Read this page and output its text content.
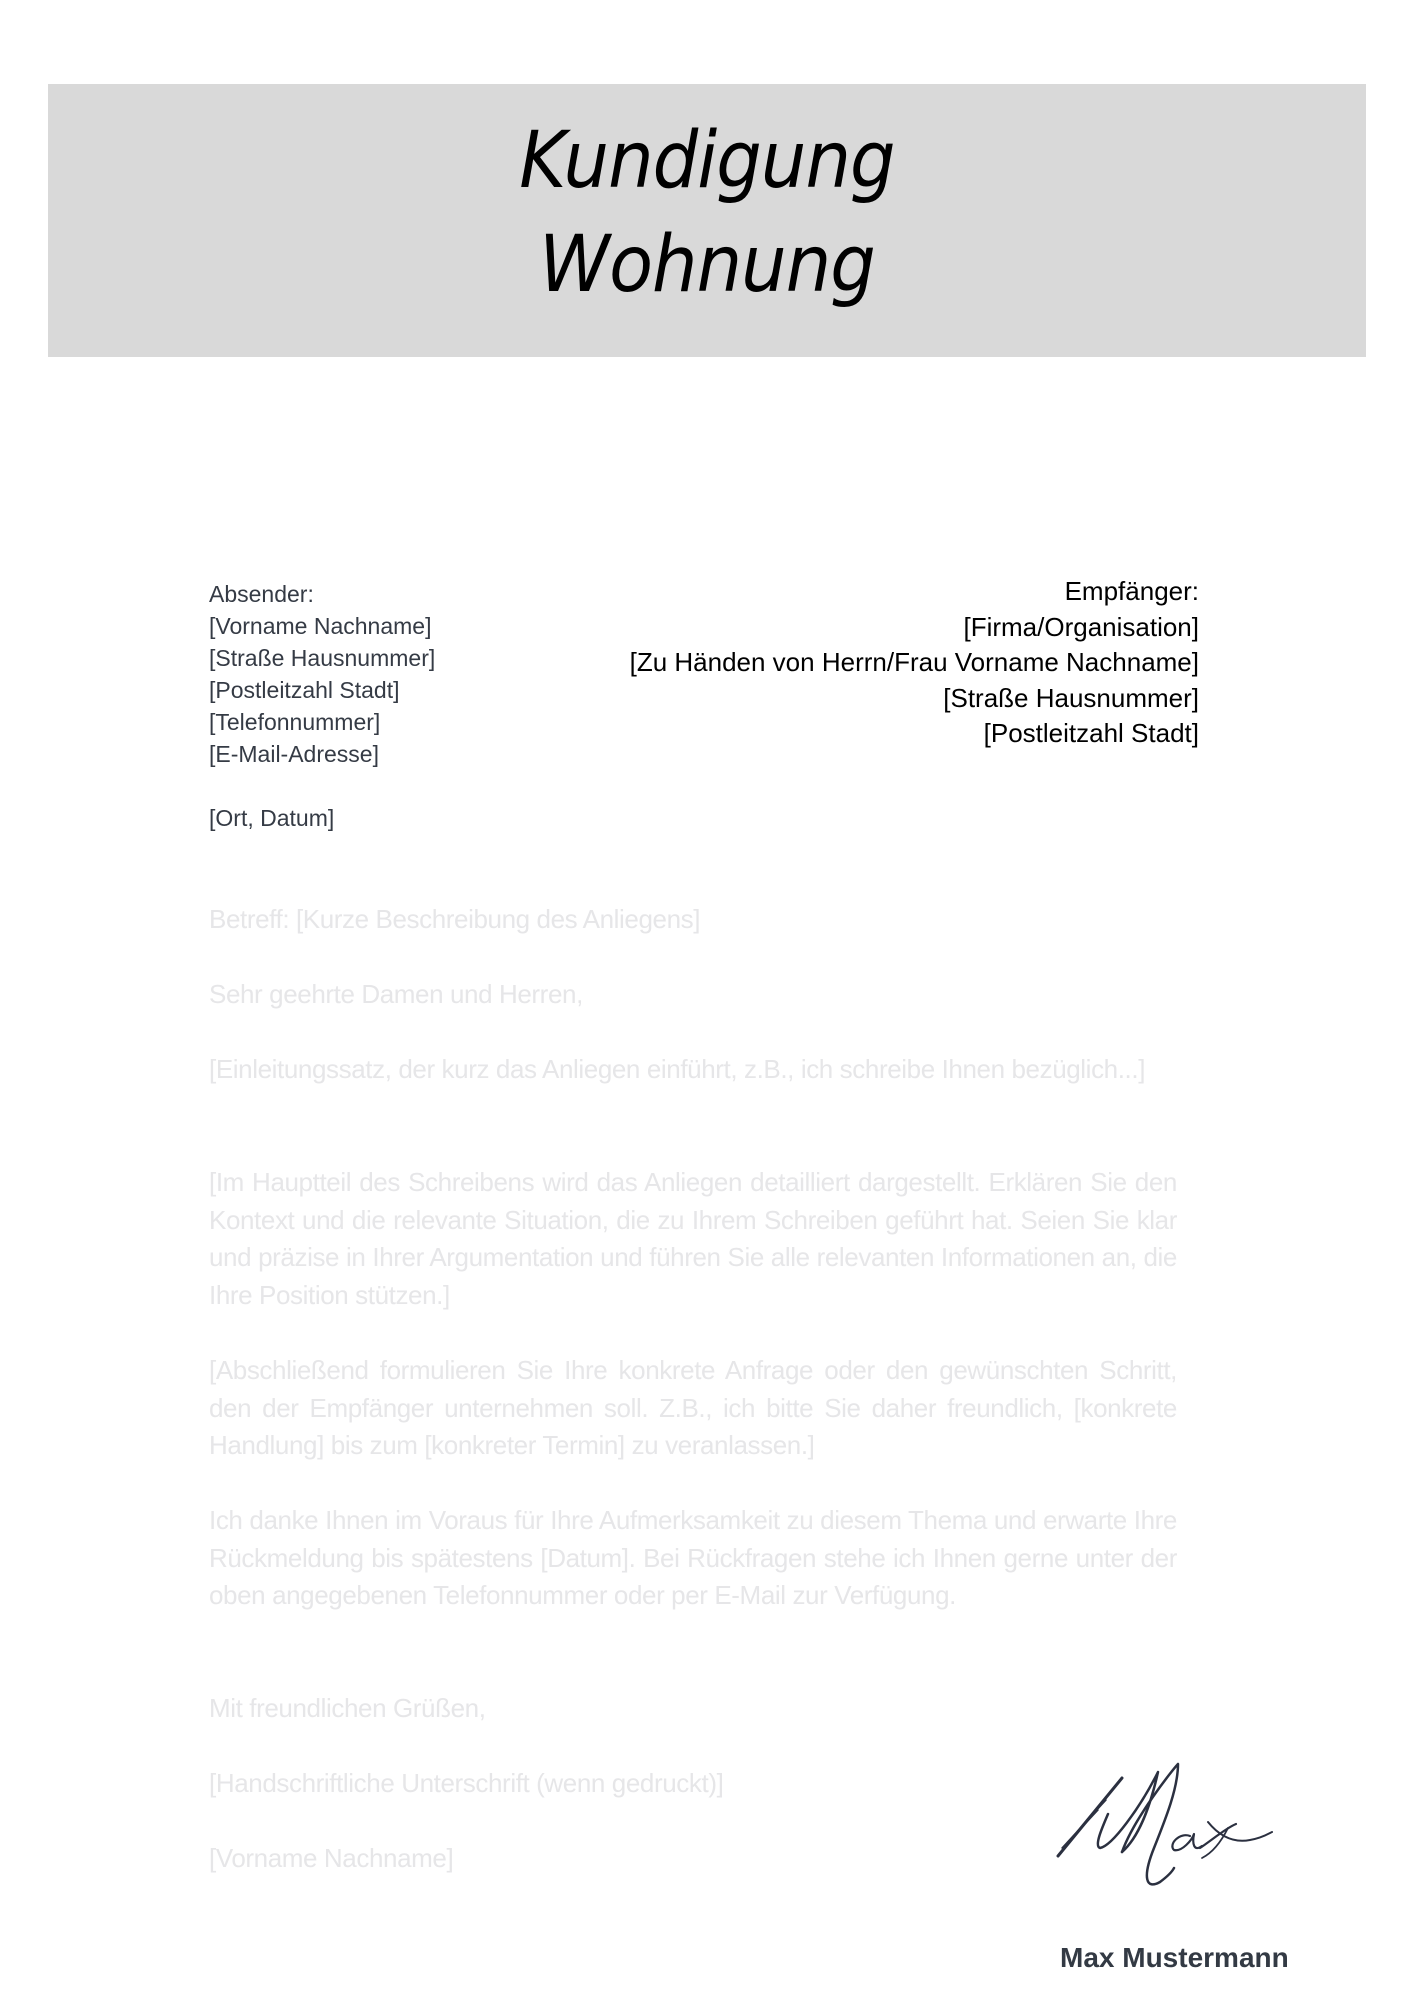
Kundigung
Wohnung
Absender:
[Vorname Nachname]
[Straße Hausnummer]
[Postleitzahl Stadt]
[Telefonnummer]
[E-Mail-Adresse]
[Ort, Datum]
Empfänger:
[Firma/Organisation]
[Zu Händen von Herrn/Frau Vorname Nachname]
[Straße Hausnummer]
[Postleitzahl Stadt]
Betreff: [Kurze Beschreibung des Anliegens]
Sehr geehrte Damen und Herren,
[Einleitungssatz, der kurz das Anliegen einführt, z.B., ich schreibe Ihnen bezüglich...]
[Im Hauptteil des Schreibens wird das Anliegen detailliert dargestellt. Erklären Sie den Kontext und die relevante Situation, die zu Ihrem Schreiben geführt hat. Seien Sie klar und präzise in Ihrer Argumentation und führen Sie alle relevanten Informationen an, die Ihre Position stützen.]
[Abschließend formulieren Sie Ihre konkrete Anfrage oder den gewünschten Schritt, den der Empfänger unternehmen soll. Z.B., ich bitte Sie daher freundlich, [konkrete Handlung] bis zum [konkreter Termin] zu veranlassen.]
Ich danke Ihnen im Voraus für Ihre Aufmerksamkeit zu diesem Thema und erwarte Ihre Rückmeldung bis spätestens [Datum]. Bei Rückfragen stehe ich Ihnen gerne unter der oben angegebenen Telefonnummer oder per E-Mail zur Verfügung.
Mit freundlichen Grüßen,
[Handschriftliche Unterschrift (wenn gedruckt)]
[Vorname Nachname]
Max Mustermann
